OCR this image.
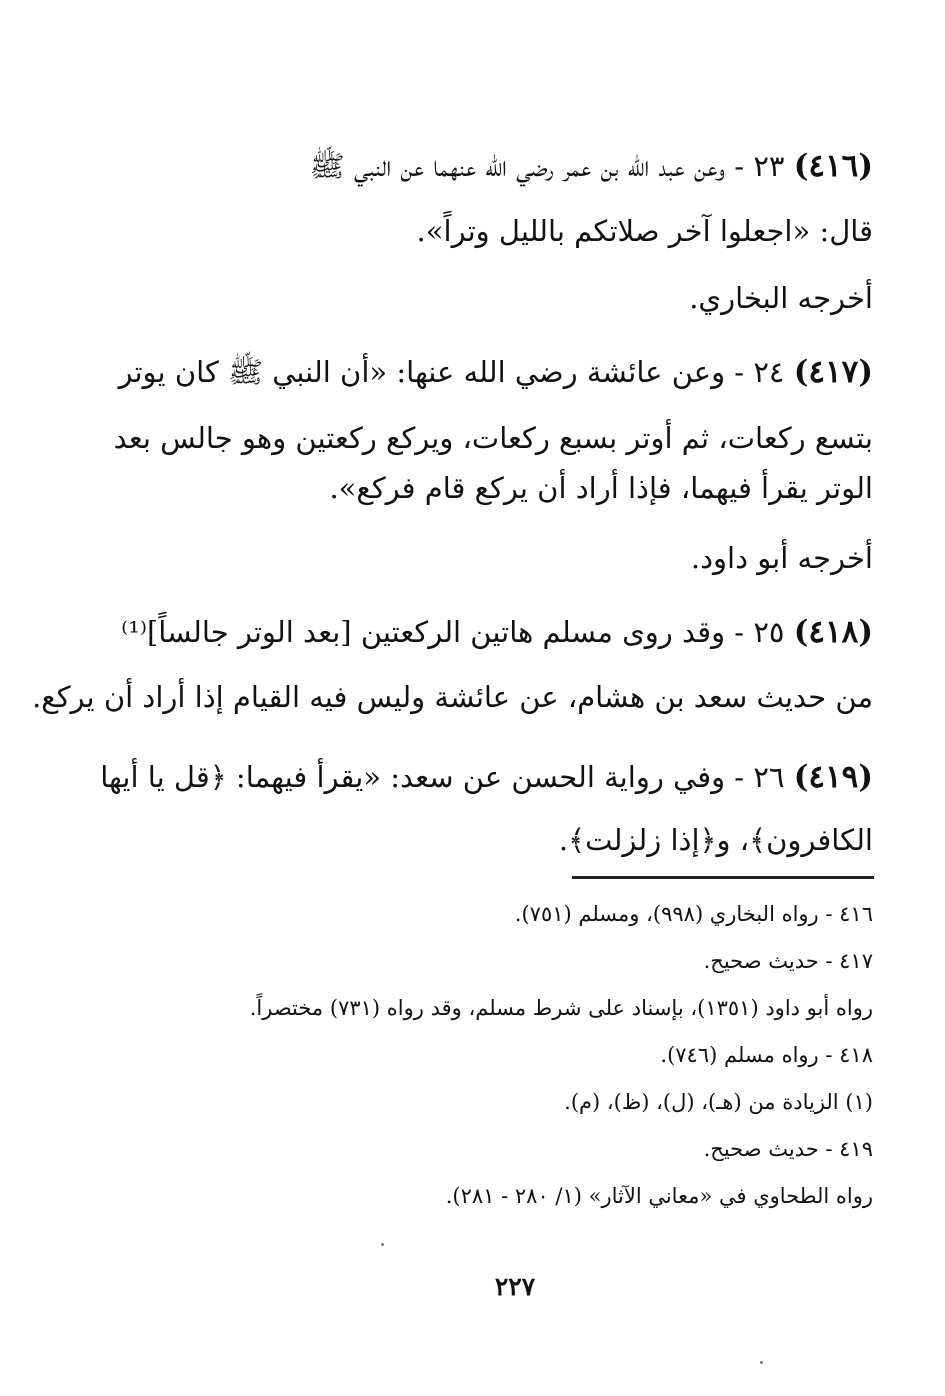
(٤١٦) ٢٣ - وعن عبد الله بن عمر رضي الله عنهما عن النبي ﷺ
قال: «اجعلوا آخر صلاتكم بالليل وتراً».
أخرجه البخاري.
(٤١٧) ٢٤ - وعن عائشة رضي الله عنها: «أن النبي ﷺ كان يوتر
بتسع ركعات، ثم أوتر بسبع ركعات، ويركع ركعتين وهو جالس بعد
الوتر يقرأ فيهما، فإذا أراد أن يركع قام فركع».
أخرجه أبو داود.
(٤١٨) ٢٥ - وقد روى مسلم هاتين الركعتين [بعد الوتر جالساً]⁽¹⁾
من حديث سعد بن هشام، عن عائشة وليس فيه القيام إذا أراد أن يركع.
(٤١٩) ٢٦ - وفي رواية الحسن عن سعد: «يقرأ فيهما: ﴿قل يا أيها
الكافرون﴾، و﴿إذا زلزلت﴾.
٤١٦ - رواه البخاري (٩٩٨)، ومسلم (٧٥١).
٤١٧ - حديث صحيح.
رواه أبو داود (١٣٥١)، بإسناد على شرط مسلم، وقد رواه (٧٣١) مختصراً.
٤١٨ - رواه مسلم (٧٤٦).
(١) الزيادة من (هـ)، (ل)، (ظ)، (م).
٤١٩ - حديث صحيح.
رواه الطحاوي في «معاني الآثار» (١/ ٢٨٠ - ٢٨١).
٢٢٧
